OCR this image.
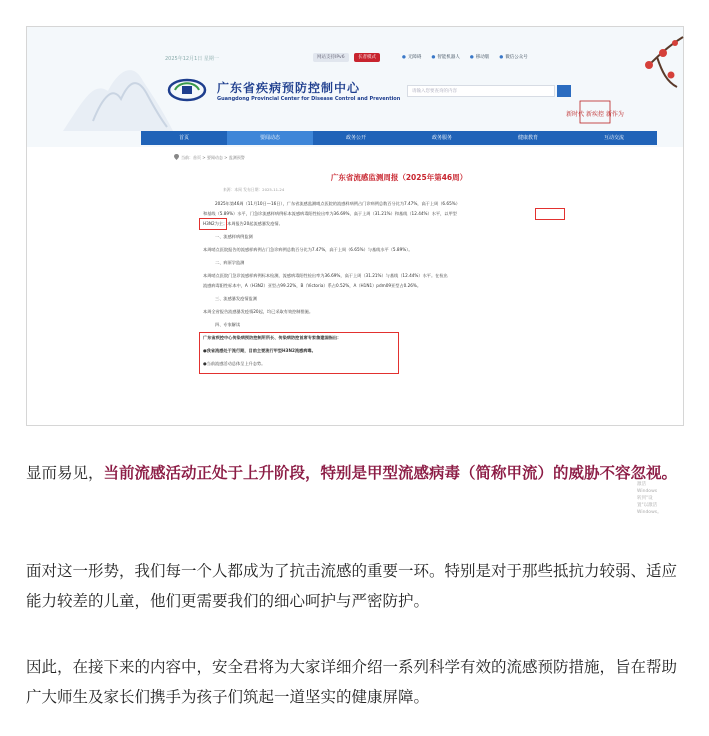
2025年12月1日 星期一	网站支持IPv6	长者模式	● 无障碍	● 智能机器人	● 移动版	● 微信公众号
广东省疾病预防控制中心
Guangdong Provincial Center for Disease Control and Prevention
请输入您要查询的内容
新时代 新疾控 新作为
首页	要闻动态	政务公开	政务服务	健康教育	互动交流
当前：首页 > 要闻动态 > 监测预警
广东省流感监测周报（2025年第46周）
来源：本网 发布日期：2025-11-24
2025年第46周（11月10日—16日），广东省流感监测哨点医院的流感样病例占门诊病例总数百分比为7.47%，高于上周（6.65%）
和基线（5.89%）水平，门急诊流感样病例标本流感病毒阳性检出率为36.69%，高于上周（31.21%）和基线（12.44%）水平，以甲型
H3N2为主；本周报告20起流感暴发疫情。
一、流感样病例监测
本周哨点医院报告的流感样病例占门急诊病例总数百分比为7.47%，高于上周（6.65%）与基线水平（5.89%）。
二、病原学监测
本周哨点医院门急诊流感样病例标本检测，流感病毒阳性检出率为36.69%，高于上周（31.21%）与基线（12.44%）水平。在检出
流感病毒阳性标本中，A（H3N2）亚型占99.22%，B（Victoria）系占0.52%，A（H1N1）pdm09亚型占0.26%。
三、流感暴发疫情监测
本周全省报告流感暴发疫情20起，均已采取有效控制措施。
四、专家解读
广东省疾控中心传染病预防控制所所长、传染病防控首席专家詹建国指出：
●我省流感处于流行期，目前主要流行甲型H3N2流感病毒。
●当前流感活动总体呈上升态势。
激活 Windows
转到"设置"以激活 Windows。
显而易见，当前流感活动正处于上升阶段，特别是甲型流感病毒（简称甲流）的威胁不容忽视。
面对这一形势，我们每一个人都成为了抗击流感的重要一环。特别是对于那些抵抗力较弱、适应能力较差的儿童，他们更需要我们的细心呵护与严密防护。
因此，在接下来的内容中，安全君将为大家详细介绍一系列科学有效的流感预防措施，旨在帮助广大师生及家长们携手为孩子们筑起一道坚实的健康屏障。
